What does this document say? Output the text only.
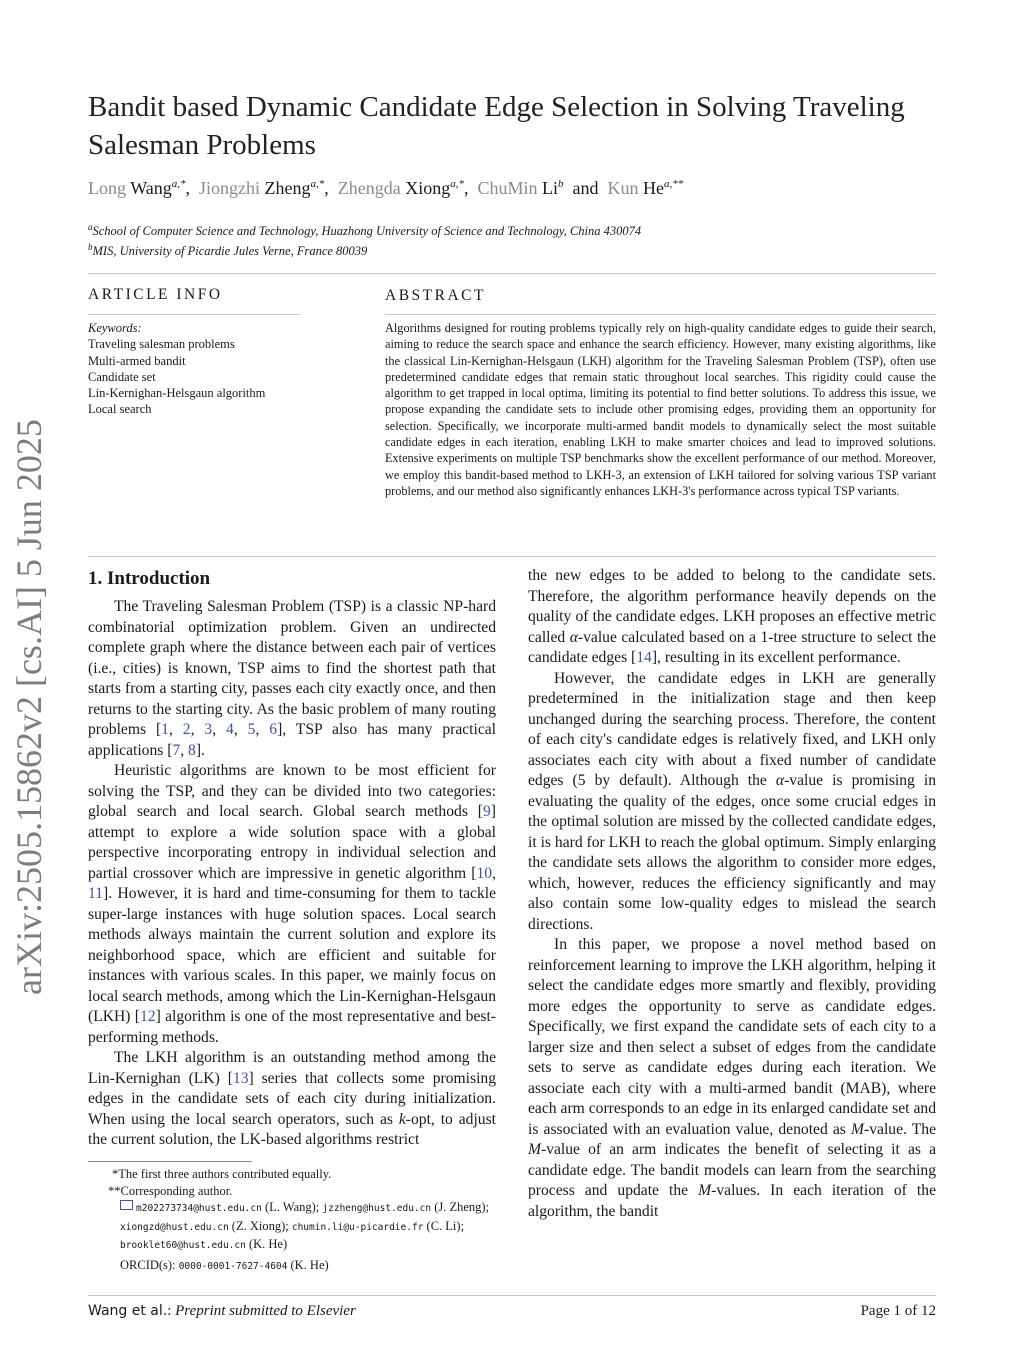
Bandit based Dynamic Candidate Edge Selection in Solving Traveling Salesman Problems
Long Wang$^{a,*}$, Jiongzhi Zheng$^{a,*}$, Zhengda Xiong$^{a,*}$, ChuMin Li$^b$ and Kun $He^{a,**}$
$^a$School of Computer Science and Technology, Huazhong University of Science and Technology, China 430074
$^b$MIS, University of Picardie Jules Verne, France 80039
ARTICLE INFO
Keywords:
Traveling salesman problems
Multi-armed bandit
Candidate set
Lin-Kernighan-Helsgaun algorithm
Local search
ABSTRACT
Algorithms designed for routing problems typically rely on high-quality candidate edges to guide their search, aiming to reduce the search space and enhance the search efficiency. However, many existing algorithms, like the classical Lin-Kernighan-Helsgaun (LKH) algorithm for the Traveling Salesman Problem (TSP), often use predetermined candidate edges that remain static throughout local searches. This rigidity could cause the algorithm to get trapped in local optima, limiting its potential to find better solutions. To address this issue, we propose expanding the candidate sets to include other promising edges, providing them an opportunity for selection. Specifically, we incorporate multi-armed bandit models to dynamically select the most suitable candidate edges in each iteration, enabling LKH to make smarter choices and lead to improved solutions. Extensive experiments on multiple TSP benchmarks show the excellent performance of our method. Moreover, we employ this bandit-based method to LKH-3, an extension of LKH tailored for solving various TSP variant problems, and our method also significantly enhances LKH-3's performance across typical TSP variants.
arXiv:2505.15862v2 [cs.AI] 5 Jun 2025	1. Introduction

The Traveling Salesman Problem (TSP) is a classic NP-hard combinatorial optimization problem. Given an undirected complete graph where the distance between each pair of vertices (i.e., cities) is known, TSP aims to find the shortest path that starts from a starting city, passes each city exactly once, and then returns to the starting city. As the basic problem of many routing problems [1, 2, 3, 4, 5, 6], TSP also has many practical applications [7, 8].

Heuristic algorithms are known to be most efficient for solving the TSP, and they can be divided into two categories: global search and local search. Global search methods [9] attempt to explore a wide solution space with a global perspective incorporating entropy in individual selection and partial crossover which are impressive in genetic algorithm [10, 11]. However, it is hard and time-consuming for them to tackle super-large instances with huge solution spaces. Local search methods always maintain the current solution and explore its neighborhood space, which are efficient and suitable for instances with various scales. In this paper, we mainly focus on local search methods, among which the Lin-Kernighan-Helsgaun (LKH) [12] algorithm is one of the most representative and best-performing methods.

The LKH algorithm is an outstanding method among the Lin-Kernighan (LK) [13] series that collects some promising edges in the candidate sets of each city during initialization. When using the local search operators, such as k-opt, to adjust the current solution, the LK-based algorithms restrict

*The first three authors contributed equally.
**Corresponding author.
m202273734@hust.edu.cn (L. Wang); jzzheng@hust.edu.cn (J. Zheng); xiongzd@hust.edu.cn (Z. Xiong); chumin.li@u-picardie.fr (C. Li); brooklet60@hust.edu.cn (K. He)
ORCID(s): 0000-0001-7627-4604 (K. He)

the new edges to be added to belong to the candidate sets. Therefore, the algorithm performance heavily depends on the quality of the candidate edges. LKH proposes an effective metric called α-value calculated based on a 1-tree structure to select the candidate edges [14], resulting in its excellent performance.

However, the candidate edges in LKH are generally predetermined in the initialization stage and then keep unchanged during the searching process. Therefore, the content of each city's candidate edges is relatively fixed, and LKH only associates each city with about a fixed number of candidate edges (5 by default). Although the α-value is promising in evaluating the quality of the edges, once some crucial edges in the optimal solution are missed by the collected candidate edges, it is hard for LKH to reach the global optimum. Simply enlarging the candidate sets allows the algorithm to consider more edges, which, however, reduces the efficiency significantly and may also contain some low-quality edges to mislead the search directions.

In this paper, we propose a novel method based on reinforcement learning to improve the LKH algorithm, helping it select the candidate edges more smartly and flexibly, providing more edges the opportunity to serve as candidate edges. Specifically, we first expand the candidate sets of each city to a larger size and then select a subset of edges from the candidate sets to serve as candidate edges during each iteration. We associate each city with a multi-armed bandit (MAB), where each arm corresponds to an edge in its enlarged candidate set and is associated with an evaluation value, denoted as M-value. The M-value of an arm indicates the benefit of selecting it as a candidate edge. The bandit models can learn from the searching process and update the M-values. In each iteration of the algorithm, the bandit

Wang et al.: Preprint submitted to Elsevier	Page 1 of 12
